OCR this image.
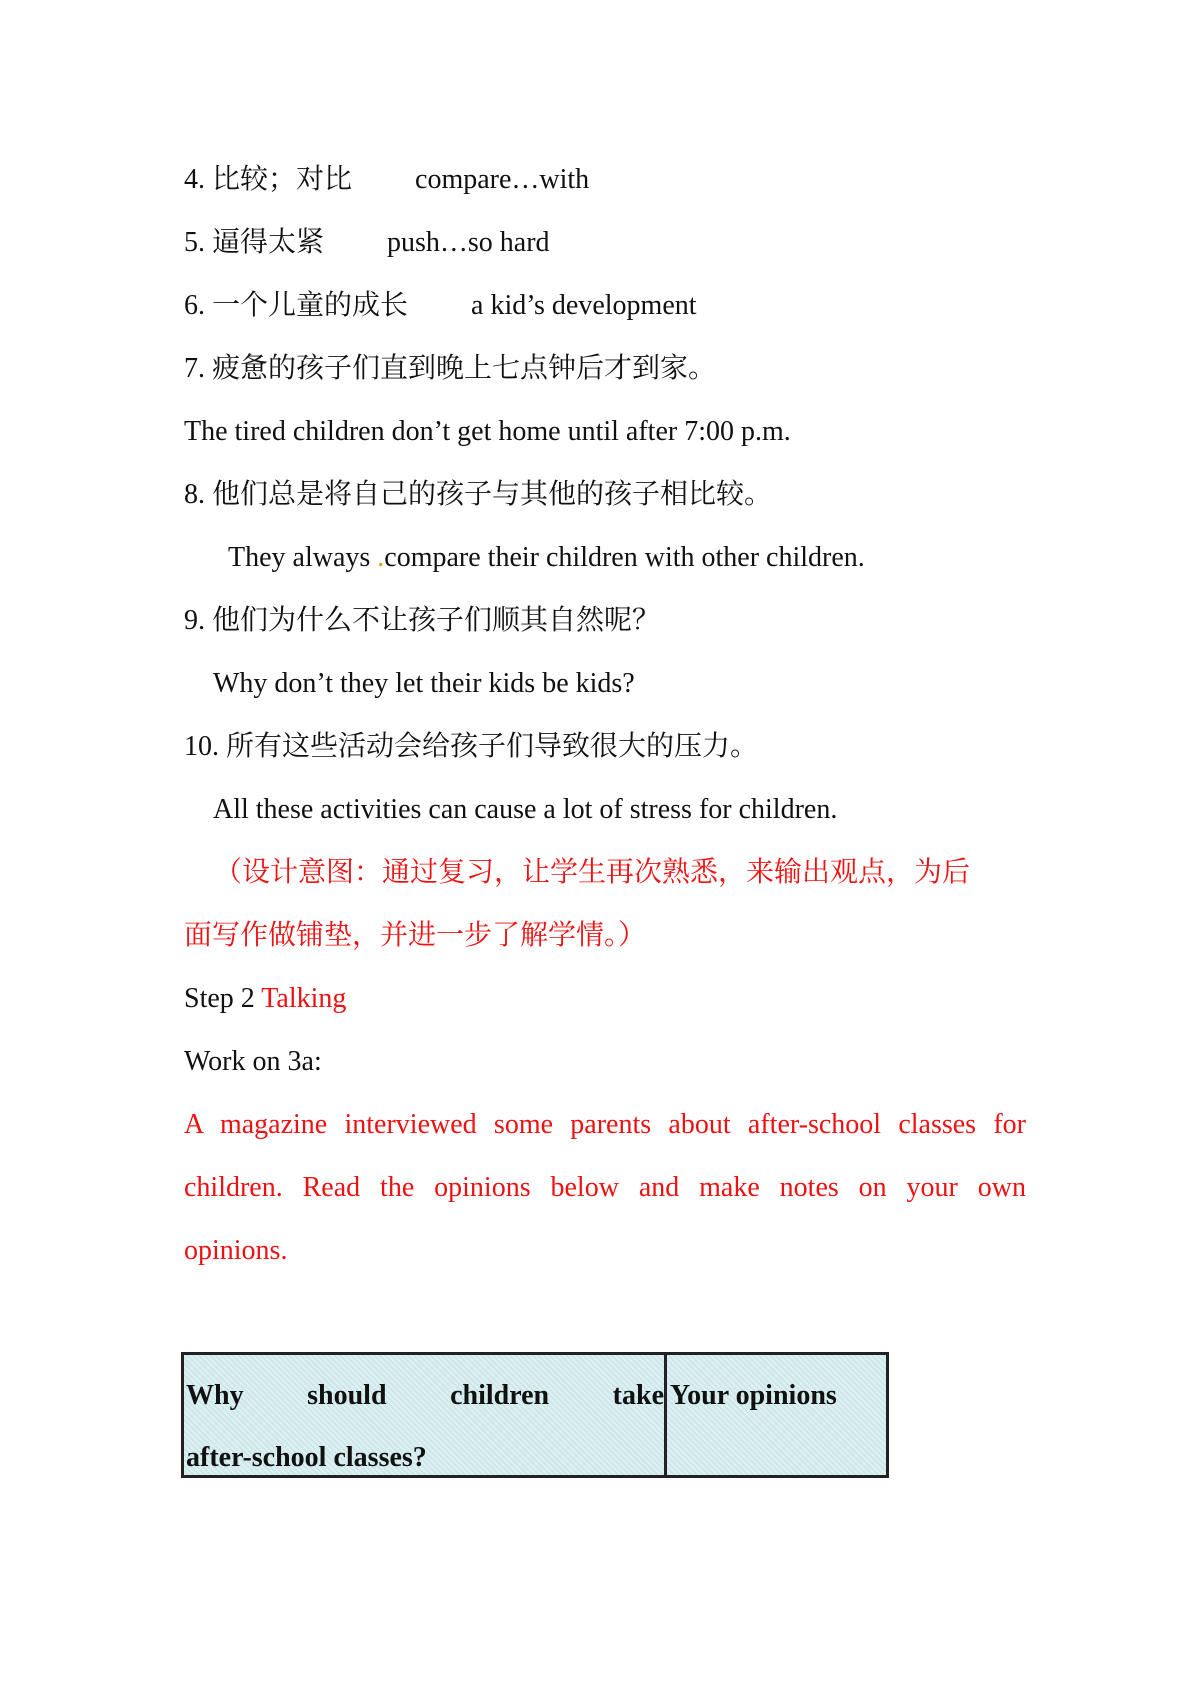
4. 比较；对比 compare…with
5. 逼得太紧 push…so hard
6. 一个儿童的成长 a kid’s development
7. 疲惫的孩子们直到晚上七点钟后才到家。
The tired children don’t get home until after 7:00 p.m.
8. 他们总是将自己的孩子与其他的孩子相比较。
They always .compare their children with other children.
9. 他们为什么不让孩子们顺其自然呢？
Why don’t they let their kids be kids?
10. 所有这些活动会给孩子们导致很大的压力。
All these activities can cause a lot of stress for children.
（设计意图：通过复习，让学生再次熟悉，来输出观点，为后
面写作做铺垫，并进一步了解学情。）
Step 2 Talking
Work on 3a:
A magazine interviewed some parents about after-school classes for
children. Read the opinions below and make notes on your own
opinions.
Why should children take
after-school classes?
Your opinions
